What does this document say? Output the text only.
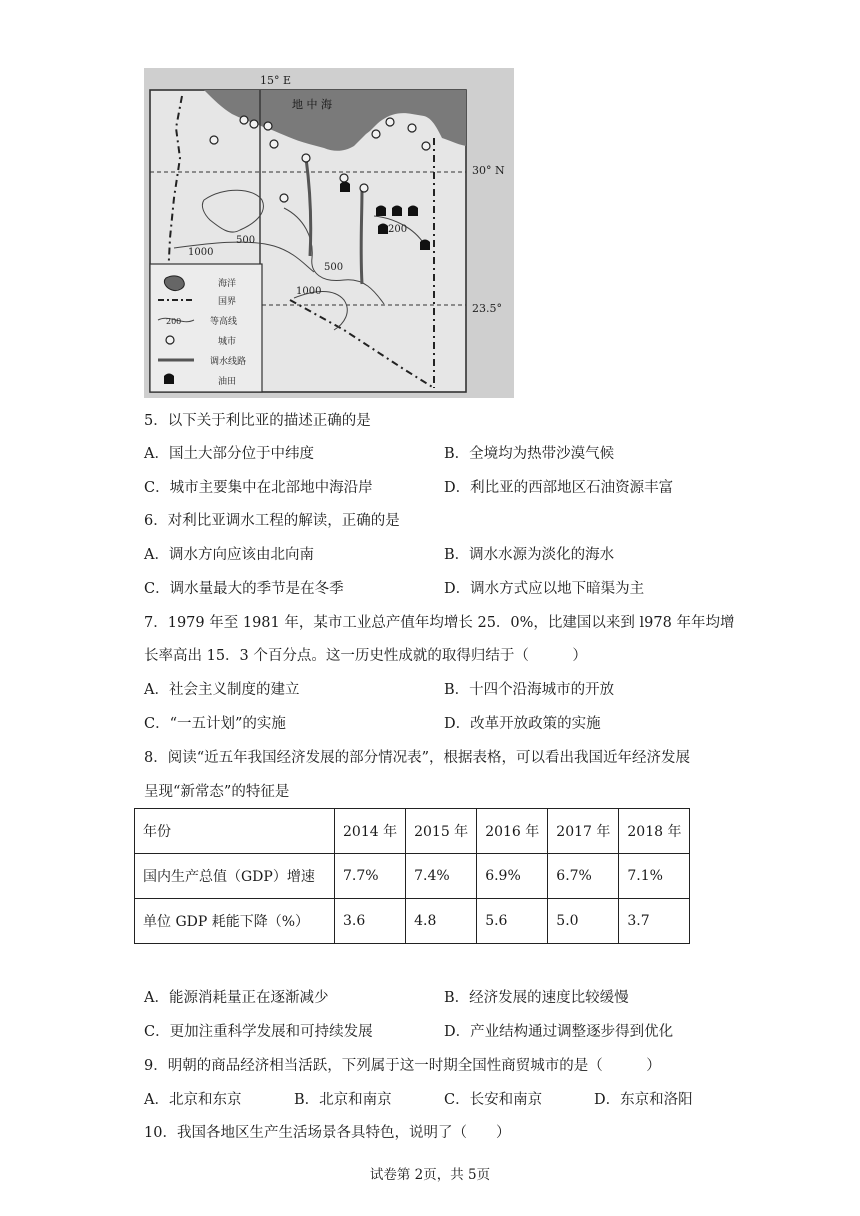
地 中 海
15° E
30° N
23.5°
500
1000
500
1000
200
200
海洋
国界
等高线
城市
调水线路
油田
5．以下关于利比亚的描述正确的是
A．国土大部分位于中纬度	B．全境均为热带沙漠气候
C．城市主要集中在北部地中海沿岸	D．利比亚的西部地区石油资源丰富
6．对利比亚调水工程的解读，正确的是
A．调水方向应该由北向南	B．调水水源为淡化的海水
C．调水量最大的季节是在冬季	D．调水方式应以地下暗渠为主
7．1979 年至 1981 年，某市工业总产值年均增长 25．0%，比建国以来到 l978 年年均增
长率高出 15．3 个百分点。这一历史性成就的取得归结于（　　　）
A．社会主义制度的建立	B．十四个沿海城市的开放
C．“一五计划”的实施	D．改革开放政策的实施
8．阅读“近五年我国经济发展的部分情况表”，根据表格，可以看出我国近年经济发展
呈现“新常态”的特征是
年份	2014 年	2015 年	2016 年	2017 年	2018 年
国内生产总值（GDP）增速	7.7%	7.4%	6.9%	6.7%	7.1%
单位 GDP 耗能下降（%）	3.6	4.8	5.6	5.0	3.7
A．能源消耗量正在逐渐减少	B．经济发展的速度比较缓慢
C．更加注重科学发展和可持续发展	D．产业结构通过调整逐步得到优化
9．明朝的商品经济相当活跃，下列属于这一时期全国性商贸城市的是（　　　）
A．北京和东京	B．北京和南京	C．长安和南京	D．东京和洛阳
10．我国各地区生产生活场景各具特色，说明了（　　）
试卷第 2页，共 5页
